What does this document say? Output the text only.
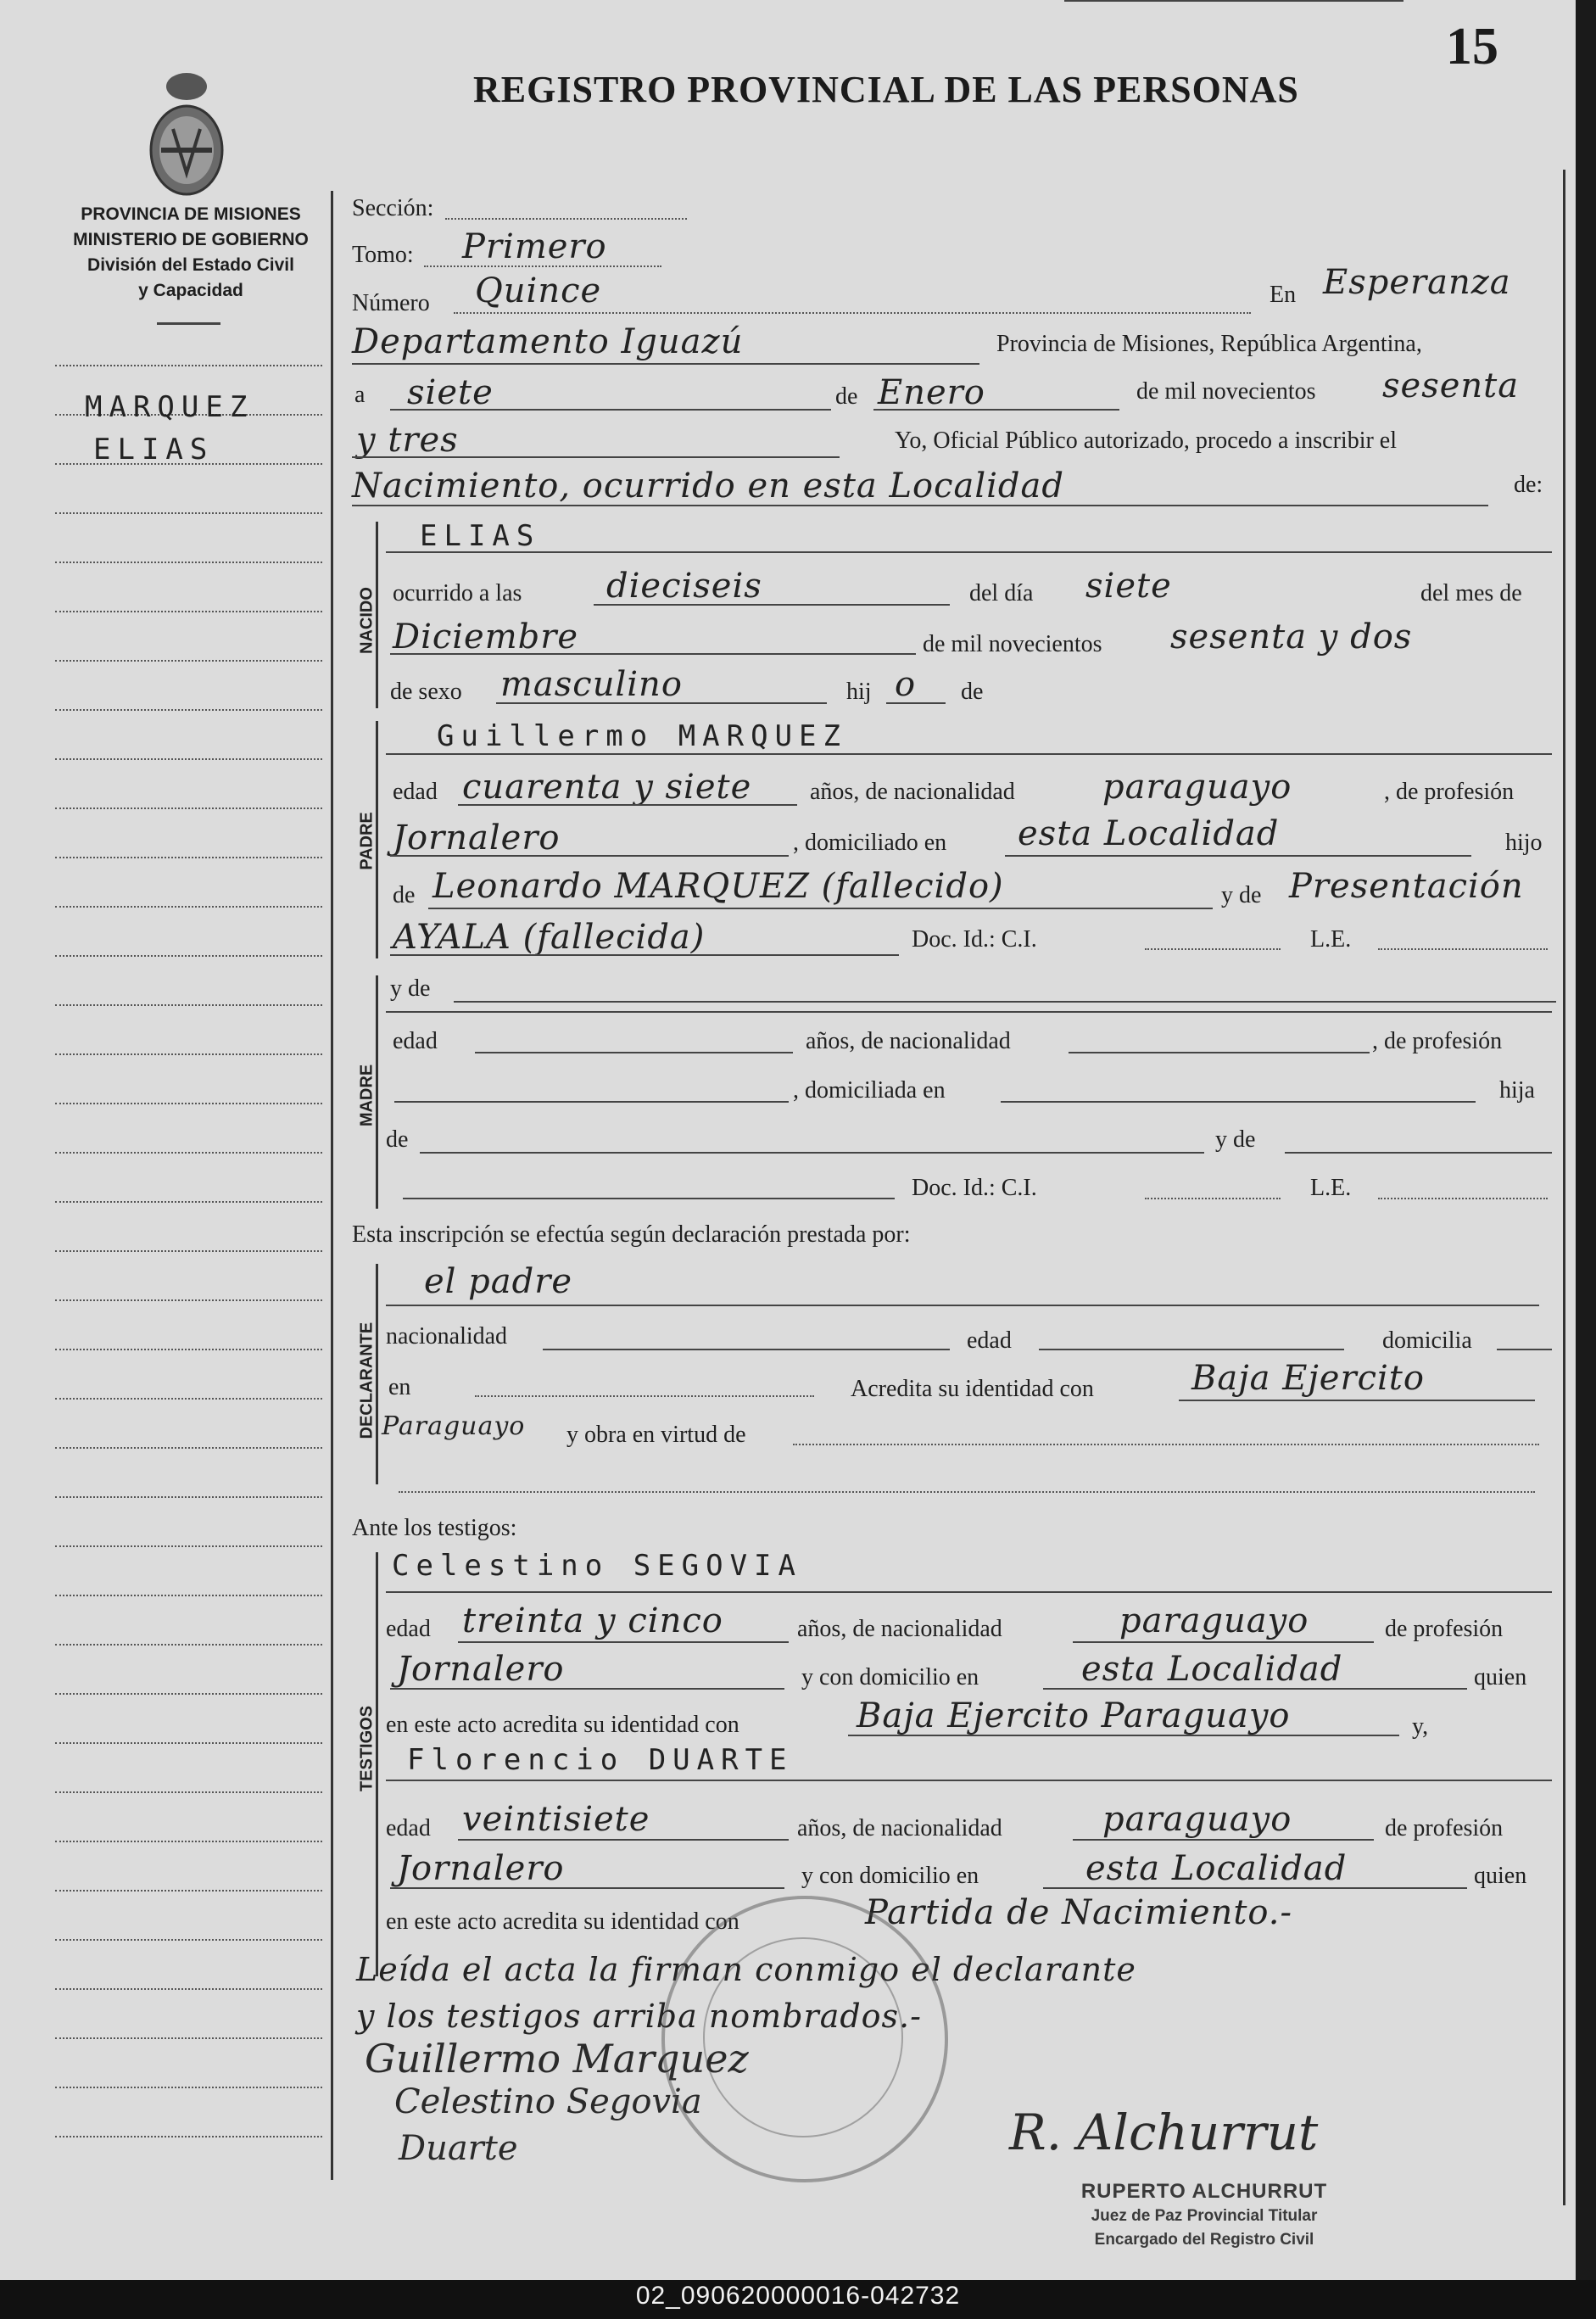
15
REGISTRO PROVINCIAL DE LAS PERSONAS
PROVINCIA DE MISIONES
MINISTERIO DE GOBIERNO
División del Estado Civil
y Capacidad
MARQUEZ
ELIAS
Sección:
Tomo: Primero
Número Quince	En Esperanza
Departamento Iguazú	Provincia de Misiones, República Argentina,
a siete	de Enero	de mil novecientos sesenta
y tres	Yo, Oficial Público autorizado, procedo a inscribir el
Nacimiento, ocurrido en esta Localidad	de:
NACIDO
ELIAS
ocurrido a las dieciseis	del día siete	del mes de
Diciembre	de mil novecientos sesenta y dos
de sexo masculino	hij o de
PADRE
Guillermo MARQUEZ
edad cuarenta y siete años, de nacionalidad	paraguayo	, de profesión
Jornalero	, domiciliado en esta Localidad	hijo
de Leonardo MARQUEZ (fallecido)	y de Presentación
AYALA (fallecida)	Doc. Id.: C.I.	L.E.
MADRE
y de
edad	años, de nacionalidad	, de profesión
, domiciliada en	hija
de	y de
Doc. Id.: C.I.	L.E.
Esta inscripción se efectúa según declaración prestada por:
DECLARANTE
el padre
nacionalidad	edad	domicilia
en	Acredita su identidad con	Baja Ejercito
Paraguayo y obra en virtud de
Ante los testigos:
TESTIGOS
Celestino SEGOVIA
edad treinta y cinco	años, de nacionalidad	paraguayo	de profesión
Jornalero	y con domicilio en	esta Localidad	quien
en este acto acredita su identidad con	Baja Ejercito Paraguayo	y,
Florencio DUARTE
edad veintisiete	años, de nacionalidad	paraguayo	de profesión
Jornalero	y con domicilio en	esta Localidad	quien
en este acto acredita su identidad con	Partida de Nacimiento.-
Leída el acta la firman conmigo el declarante
y los testigos arriba nombrados.-
Guillermo Marquez
Celestino Segovia
Duarte	R. Alchurrut
RUPERTO ALCHURRUT
Juez de Paz Provincial Titular
Encargado del Registro Civil
02_090620000016-042732
